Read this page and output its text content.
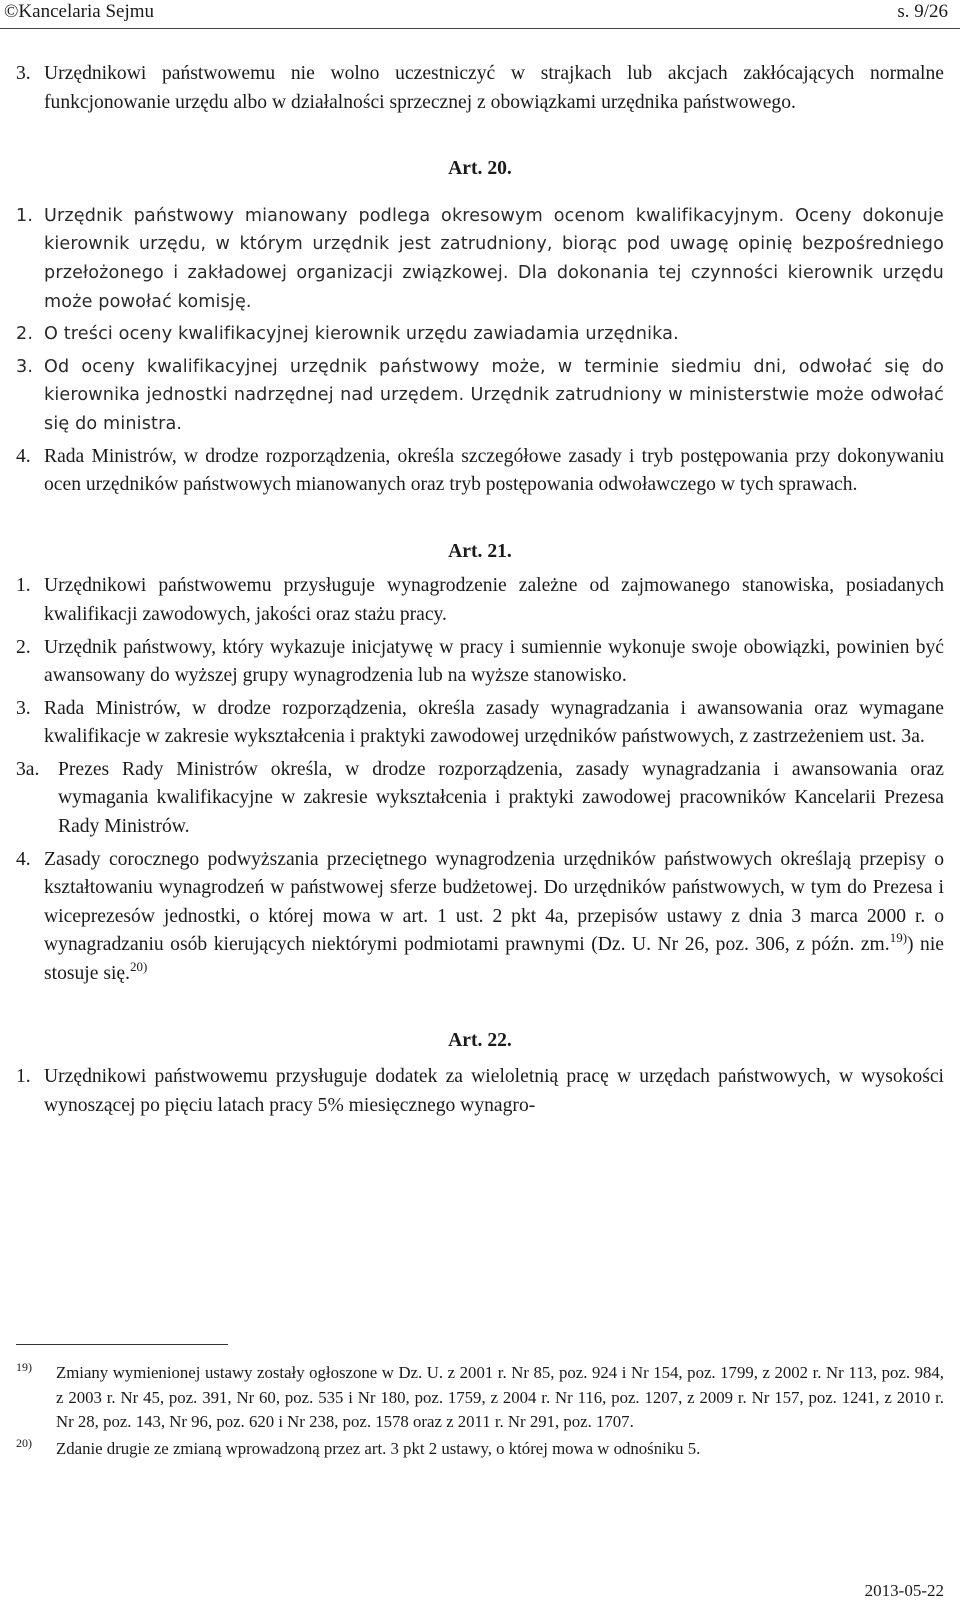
©Kancelaria Sejmu	s. 9/26
3. Urzędnikowi państwowemu nie wolno uczestniczyć w strajkach lub akcjach zakłócających normalne funkcjonowanie urzędu albo w działalności sprzecznej z obowiązkami urzędnika państwowego.
Art. 20.
1. Urzędnik państwowy mianowany podlega okresowym ocenom kwalifikacyjnym. Oceny dokonuje kierownik urzędu, w którym urzędnik jest zatrudniony, biorąc pod uwagę opinię bezpośredniego przełożonego i zakładowej organizacji związkowej. Dla dokonania tej czynności kierownik urzędu może powołać komisję.
2. O treści oceny kwalifikacyjnej kierownik urzędu zawiadamia urzędnika.
3. Od oceny kwalifikacyjnej urzędnik państwowy może, w terminie siedmiu dni, odwołać się do kierownika jednostki nadrzędnej nad urzędem. Urzędnik zatrudniony w ministerstwie może odwołać się do ministra.
4. Rada Ministrów, w drodze rozporządzenia, określa szczegółowe zasady i tryb postępowania przy dokonywaniu ocen urzędników państwowych mianowanych oraz tryb postępowania odwoławczego w tych sprawach.
Art. 21.
1. Urzędnikowi państwowemu przysługuje wynagrodzenie zależne od zajmowanego stanowiska, posiadanych kwalifikacji zawodowych, jakości oraz stażu pracy.
2. Urzędnik państwowy, który wykazuje inicjatywę w pracy i sumiennie wykonuje swoje obowiązki, powinien być awansowany do wyższej grupy wynagrodzenia lub na wyższe stanowisko.
3. Rada Ministrów, w drodze rozporządzenia, określa zasady wynagradzania i awansowania oraz wymagane kwalifikacje w zakresie wykształcenia i praktyki zawodowej urzędników państwowych, z zastrzeżeniem ust. 3a.
3a. Prezes Rady Ministrów określa, w drodze rozporządzenia, zasady wynagradzania i awansowania oraz wymagania kwalifikacyjne w zakresie wykształcenia i praktyki zawodowej pracowników Kancelarii Prezesa Rady Ministrów.
4. Zasady corocznego podwyższania przeciętnego wynagrodzenia urzędników państwowych określają przepisy o kształtowaniu wynagrodzeń w państwowej sferze budżetowej. Do urzędników państwowych, w tym do Prezesa i wiceprezesów jednostki, o której mowa w art. 1 ust. 2 pkt 4a, przepisów ustawy z dnia 3 marca 2000 r. o wynagradzaniu osób kierujących niektórymi podmiotami prawnymi (Dz. U. Nr 26, poz. 306, z późn. zm.$^{19)}$) nie stosuje się.$^{20)}$
Art. 22.
1. Urzędnikowi państwowemu przysługuje dodatek za wieloletnią pracę w urzędach państwowych, w wysokości wynoszącej po pięciu latach pracy 5% miesięcznego wynagro-
19) Zmiany wymienionej ustawy zostały ogłoszone w Dz. U. z 2001 r. Nr 85, poz. 924 i Nr 154, poz. 1799, z 2002 r. Nr 113, poz. 984, z 2003 r. Nr 45, poz. 391, Nr 60, poz. 535 i Nr 180, poz. 1759, z 2004 r. Nr 116, poz. 1207, z 2009 r. Nr 157, poz. 1241, z 2010 r. Nr 28, poz. 143, Nr 96, poz. 620 i Nr 238, poz. 1578 oraz z 2011 r. Nr 291, poz. 1707.
20) Zdanie drugie ze zmianą wprowadzoną przez art. 3 pkt 2 ustawy, o której mowa w odnośniku 5.
2013-05-22
